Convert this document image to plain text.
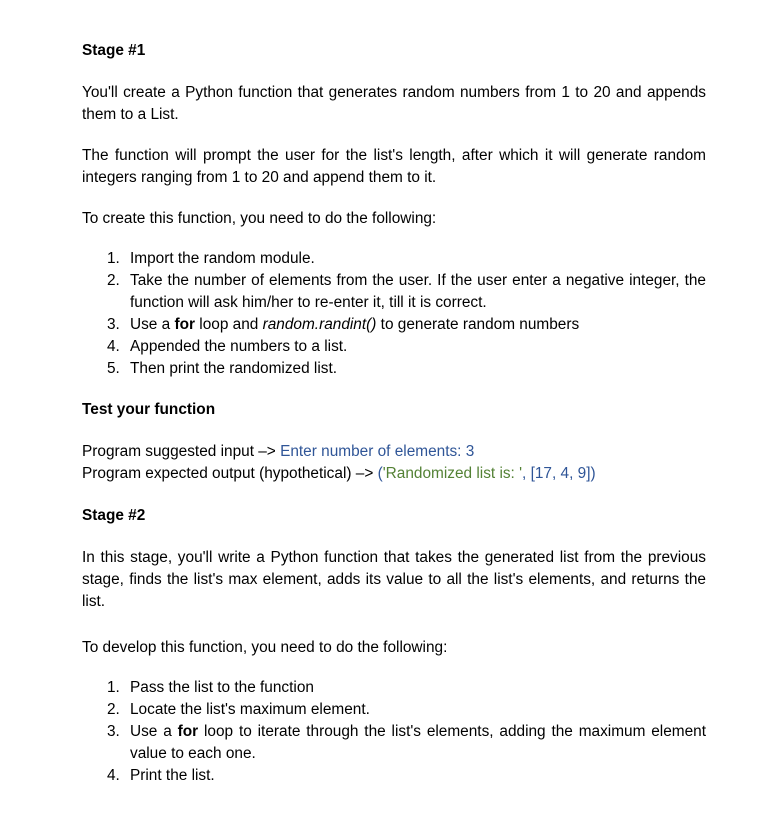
Stage #1

You'll create a Python function that generates random numbers from 1 to 20 and appends them to a List.

The function will prompt the user for the list's length, after which it will generate random integers ranging from 1 to 20 and append them to it.

To create this function, you need to do the following:

1. Import the random module.
2. Take the number of elements from the user. If the user enter a negative integer, the function will ask him/her to re-enter it, till it is correct.
3. Use a for loop and random.randint() to generate random numbers
4. Appended the numbers to a list.
5. Then print the randomized list.
Test your function

Program suggested input –> Enter number of elements: 3

Program expected output (hypothetical) –> ('Randomized list is: ', [17, 4, 9])

Stage #2

In this stage, you'll write a Python function that takes the generated list from the previous stage, finds the list's max element, adds its value to all the list's elements, and returns the list.

To develop this function, you need to do the following:

1. Pass the list to the function
2. Locate the list's maximum element.
3. Use a for loop to iterate through the list's elements, adding the maximum element value to each one.
4. Print the list.
